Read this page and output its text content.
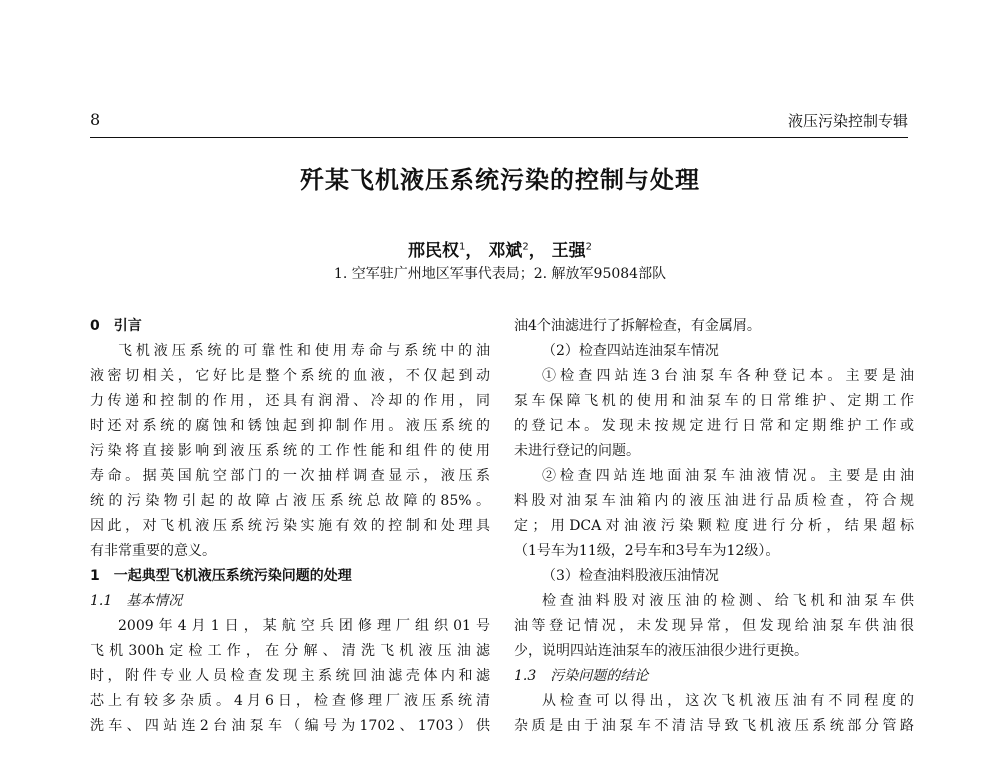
8	液压污染控制专辑
歼某飞机液压系统污染的控制与处理
邢民权$^1$， 邓斌$^2$， 王强$^2$
1. 空军驻广州地区军事代表局；2. 解放军95084部队
0　引言
飞机液压系统的可靠性和使用寿命与系统中的油
液密切相关，它好比是整个系统的血液，不仅起到动
力传递和控制的作用，还具有润滑、冷却的作用，同
时还对系统的腐蚀和锈蚀起到抑制作用。液压系统的
污染将直接影响到液压系统的工作性能和组件的使用
寿命。据英国航空部门的一次抽样调查显示，液压系
统的污染物引起的故障占液压系统总故障的85%。
因此，对飞机液压系统污染实施有效的控制和处理具
有非常重要的意义。
1　一起典型飞机液压系统污染问题的处理
1.1　基本情况
2009年4月1日，某航空兵团修理厂组织01号
飞机300h定检工作，在分解、清洗飞机液压油滤
时，附件专业人员检查发现主系统回油滤壳体内和滤
芯上有较多杂质。4月6日，检查修理厂液压系统清
洗车、四站连2台油泵车（编号为1702、1703）供
油4个油滤进行了拆解检查，有金属屑。
（2）检查四站连油泵车情况
①检查四站连3台油泵车各种登记本。主要是油
泵车保障飞机的使用和油泵车的日常维护、定期工作
的登记本。发现未按规定进行日常和定期维护工作或
未进行登记的问题。
②检查四站连地面油泵车油液情况。主要是由油
料股对油泵车油箱内的液压油进行品质检查，符合规
定；用DCA对油液污染颗粒度进行分析，结果超标
（1号车为11级，2号车和3号车为12级）。
（3）检查油料股液压油情况
检查油料股对液压油的检测、给飞机和油泵车供
油等登记情况，未发现异常，但发现给油泵车供油很
少，说明四站连油泵车的液压油很少进行更换。
1.3　污染问题的结论
从检查可以得出，这次飞机液压油有不同程度的
杂质是由于油泵车不清洁导致飞机液压系统部分管路
